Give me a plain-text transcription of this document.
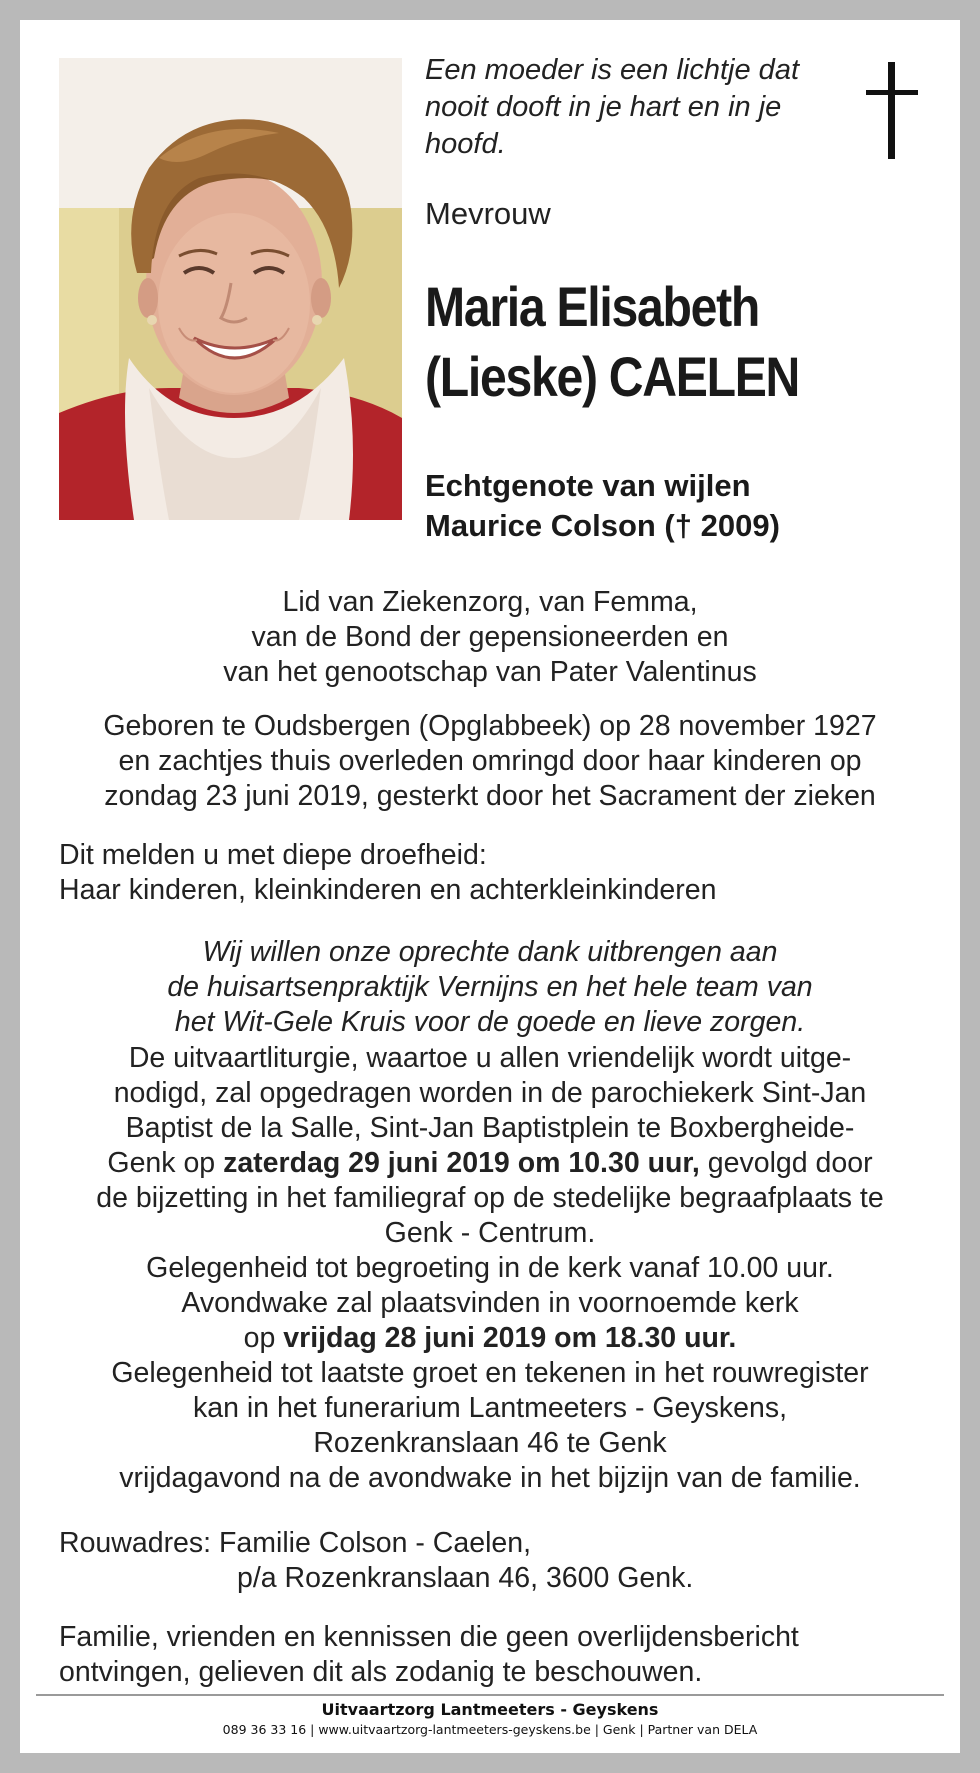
Een moeder is een lichtje dat
nooit dooft in je hart en in je
hoofd.
Mevrouw
Maria Elisabeth
(Lieske) CAELEN
Echtgenote van wijlen
Maurice Colson († 2009)
Lid van Ziekenzorg, van Femma,
van de Bond der gepensioneerden en
van het genootschap van Pater Valentinus
Geboren te Oudsbergen (Opglabbeek) op 28 november 1927
en zachtjes thuis overleden omringd door haar kinderen op
zondag 23 juni 2019, gesterkt door het Sacrament der zieken
Dit melden u met diepe droefheid:
Haar kinderen, kleinkinderen en achterkleinkinderen
Wij willen onze oprechte dank uitbrengen aan
de huisartsenpraktijk Vernijns en het hele team van
het Wit-Gele Kruis voor de goede en lieve zorgen.
De uitvaartliturgie, waartoe u allen vriendelijk wordt uitge-
nodigd, zal opgedragen worden in de parochiekerk Sint-Jan
Baptist de la Salle, Sint-Jan Baptistplein te Boxbergheide-
Genk op zaterdag 29 juni 2019 om 10.30 uur, gevolgd door
de bijzetting in het familiegraf op de stedelijke begraafplaats te
Genk - Centrum.
Gelegenheid tot begroeting in de kerk vanaf 10.00 uur.
Avondwake zal plaatsvinden in voornoemde kerk
op vrijdag 28 juni 2019 om 18.30 uur.
Gelegenheid tot laatste groet en tekenen in het rouwregister
kan in het funerarium Lantmeeters - Geyskens,
Rozenkranslaan 46 te Genk
vrijdagavond na de avondwake in het bijzijn van de familie.
Rouwadres: Familie Colson - Caelen,
p/a Rozenkranslaan 46, 3600 Genk.
Familie, vrienden en kennissen die geen overlijdensbericht
ontvingen, gelieven dit als zodanig te beschouwen.
Uitvaartzorg Lantmeeters - Geyskens
089 36 33 16 | www.uitvaartzorg-lantmeeters-geyskens.be | Genk | Partner van DELA
